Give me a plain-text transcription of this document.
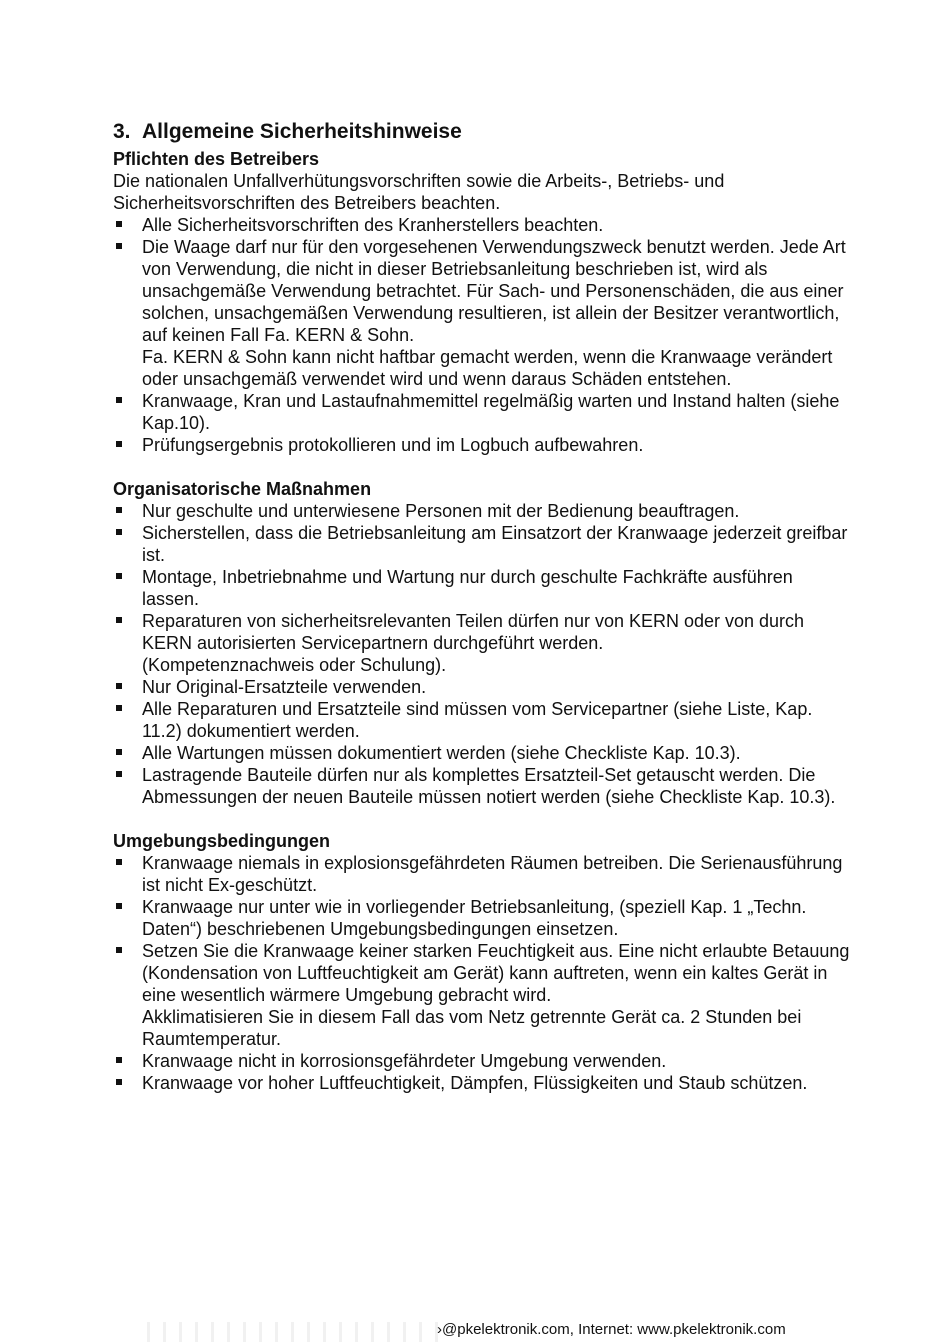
3. Allgemeine Sicherheitshinweise
Pflichten des Betreibers

Die nationalen Unfallverhütungsvorschriften sowie die Arbeits-, Betriebs- und Sicherheitsvorschriften des Betreibers beachten.

Alle Sicherheitsvorschriften des Kranherstellers beachten.
Die Waage darf nur für den vorgesehenen Verwendungszweck benutzt werden. Jede Art von Verwendung, die nicht in dieser Betriebsanleitung beschrieben ist, wird als unsachgemäße Verwendung betrachtet. Für Sach- und Personenschäden, die aus einer solchen, unsachgemäßen Verwendung resultieren, ist allein der Besitzer verantwortlich, auf keinen Fall Fa. KERN & Sohn.
Fa. KERN & Sohn kann nicht haftbar gemacht werden, wenn die Kranwaage verändert oder unsachgemäß verwendet wird und wenn daraus Schäden entstehen.
Kranwaage, Kran und Lastaufnahmemittel regelmäßig warten und Instand halten (siehe Kap.10).
Prüfungsergebnis protokollieren und im Logbuch aufbewahren.
Organisatorische Maßnahmen
Nur geschulte und unterwiesene Personen mit der Bedienung beauftragen.
Sicherstellen, dass die Betriebsanleitung am Einsatzort der Kranwaage jederzeit greifbar ist.
Montage, Inbetriebnahme und Wartung nur durch geschulte Fachkräfte ausführen lassen.
Reparaturen von sicherheitsrelevanten Teilen dürfen nur von KERN oder von durch KERN autorisierten Servicepartnern durchgeführt werden.
(Kompetenznachweis oder Schulung).
Nur Original-Ersatzteile verwenden.
Alle Reparaturen und Ersatzteile sind müssen vom Servicepartner (siehe Liste, Kap. 11.2) dokumentiert werden.
Alle Wartungen müssen dokumentiert werden (siehe Checkliste Kap. 10.3).
Lastragende Bauteile dürfen nur als komplettes Ersatzteil-Set getauscht werden. Die Abmessungen der neuen Bauteile müssen notiert werden (siehe Checkliste Kap. 10.3).
Umgebungsbedingungen
Kranwaage niemals in explosionsgefährdeten Räumen betreiben. Die Serienausführung ist nicht Ex-geschützt.
Kranwaage nur unter wie in vorliegender Betriebsanleitung, (speziell Kap. 1 „Techn. Daten“) beschriebenen Umgebungsbedingungen einsetzen.
Setzen Sie die Kranwaage keiner starken Feuchtigkeit aus. Eine nicht erlaubte Betauung (Kondensation von Luftfeuchtigkeit am Gerät) kann auftreten, wenn ein kaltes Gerät in eine wesentlich wärmere Umgebung gebracht wird.
Akklimatisieren Sie in diesem Fall das vom Netz getrennte Gerät ca. 2 Stunden bei Raumtemperatur.
Kranwaage nicht in korrosionsgefährdeter Umgebung verwenden.
Kranwaage vor hoher Luftfeuchtigkeit, Dämpfen, Flüssigkeiten und Staub schützen.
›@pkelektronik.com, Internet: www.pkelektronik.com
